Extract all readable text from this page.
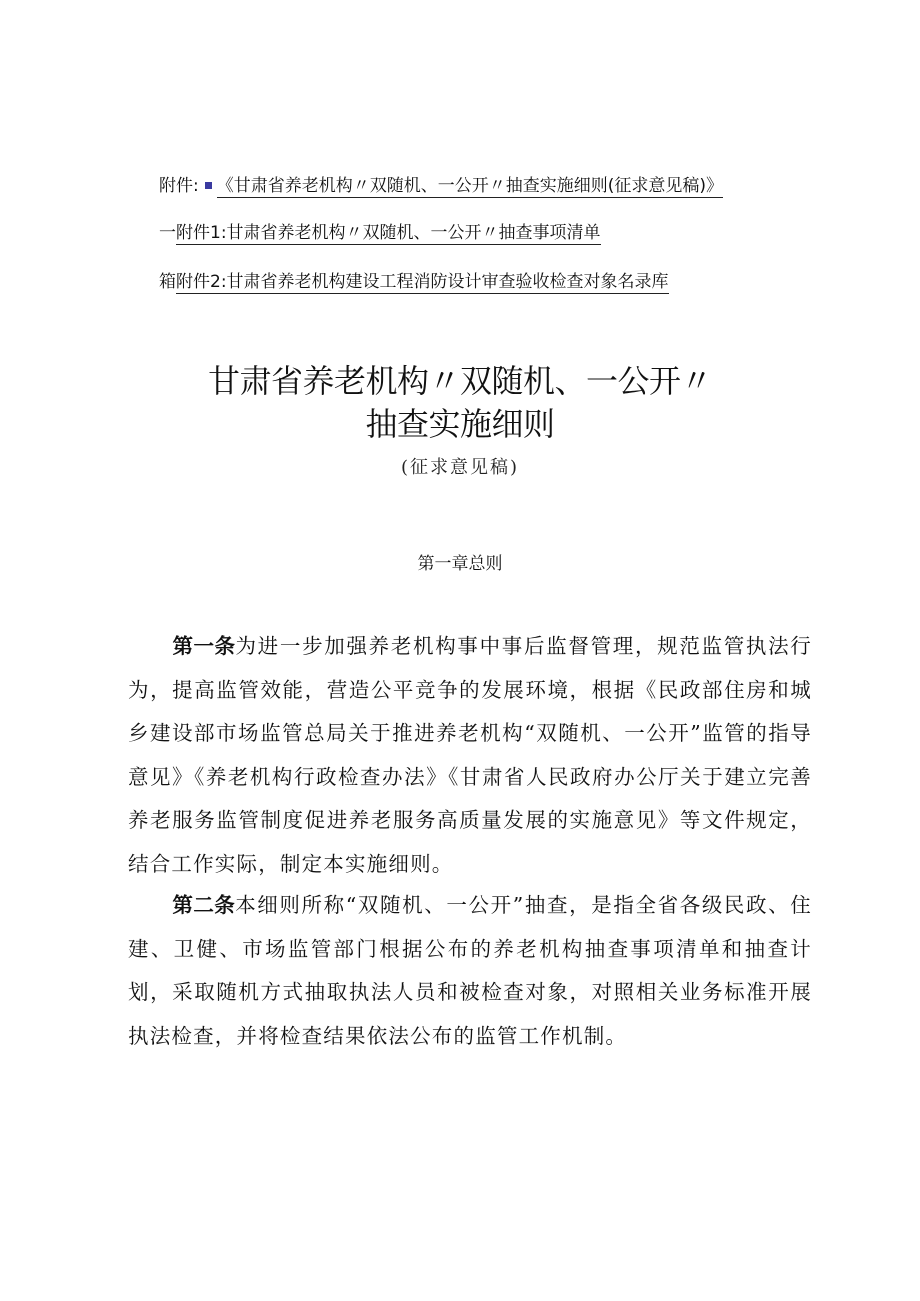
附件: 《甘肃省养老机构〃双随机、一公开〃抽查实施细则(征求意见稿)》
一附件1:甘肃省养老机构〃双随机、一公开〃抽查事项清单
箱附件2:甘肃省养老机构建设工程消防设计审查验收检查对象名录库
甘肃省养老机构〃双随机、一公开〃
抽查实施细则
(征求意见稿)
第一章总则
第一条为进一步加强养老机构事中事后监督管理，规范监管执法行为，提高监管效能，营造公平竞争的发展环境，根据《民政部住房和城乡建设部市场监管总局关于推进养老机构“双随机、一公开”监管的指导意见》《养老机构行政检查办法》《甘肃省人民政府办公厅关于建立完善养老服务监管制度促进养老服务高质量发展的实施意见》等文件规定，结合工作实际，制定本实施细则。
第二条本细则所称“双随机、一公开”抽查，是指全省各级民政、住建、卫健、市场监管部门根据公布的养老机构抽查事项清单和抽查计划，采取随机方式抽取执法人员和被检查对象，对照相关业务标准开展执法检查，并将检查结果依法公布的监管工作机制。
